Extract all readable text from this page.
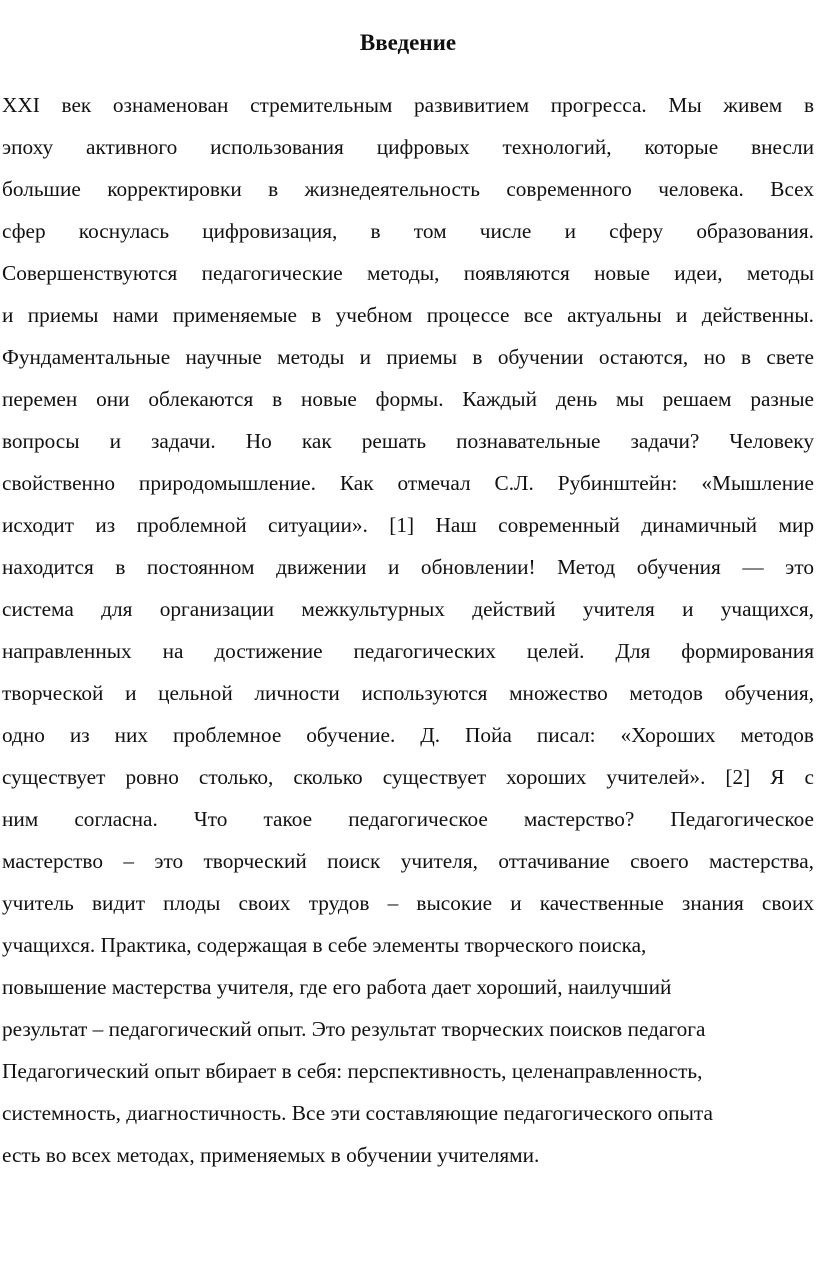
Введение
XXI век ознаменован стремительным развивитием прогресса. Мы живем в
эпоху активного использования цифровых технологий, которые внесли
большие корректировки в жизнедеятельность современного человека. Всех
сфер коснулась цифровизация, в том числе и сферу образования.
Совершенствуются педагогические методы, появляются новые идеи, методы
и приемы нами применяемые в учебном процессе все актуальны и действенны.
Фундаментальные научные методы и приемы в обучении остаются, но в свете
перемен они облекаются в новые формы. Каждый день мы решаем разные
вопросы и задачи. Но как решать познавательные задачи? Человеку
свойственно природомышление. Как отмечал С.Л. Рубинштейн: «Мышление
исходит из проблемной ситуации». [1] Наш современный динамичный мир
находится в постоянном движении и обновлении! Метод обучения — это
система для организации межкультурных действий учителя и учащихся,
направленных на достижение педагогических целей. Для формирования
творческой и цельной личности используются множество методов обучения,
одно из них проблемное обучение. Д. Пойа писал: «Хороших методов
существует ровно столько, сколько существует хороших учителей». [2] Я с
ним согласна. Что такое педагогическое мастерство? Педагогическое
мастерство – это творческий поиск учителя, оттачивание своего мастерства,
учитель видит плоды своих трудов – высокие и качественные знания своих
учащихся. Практика, содержащая в себе элементы творческого поиска,
повышение мастерства учителя, где его работа дает хороший, наилучший
результат – педагогический опыт. Это результат творческих поисков педагога
Педагогический опыт вбирает в себя: перспективность, целенаправленность,
системность, диагностичность. Все эти составляющие педагогического опыта
есть во всех методах, применяемых в обучении учителями.
